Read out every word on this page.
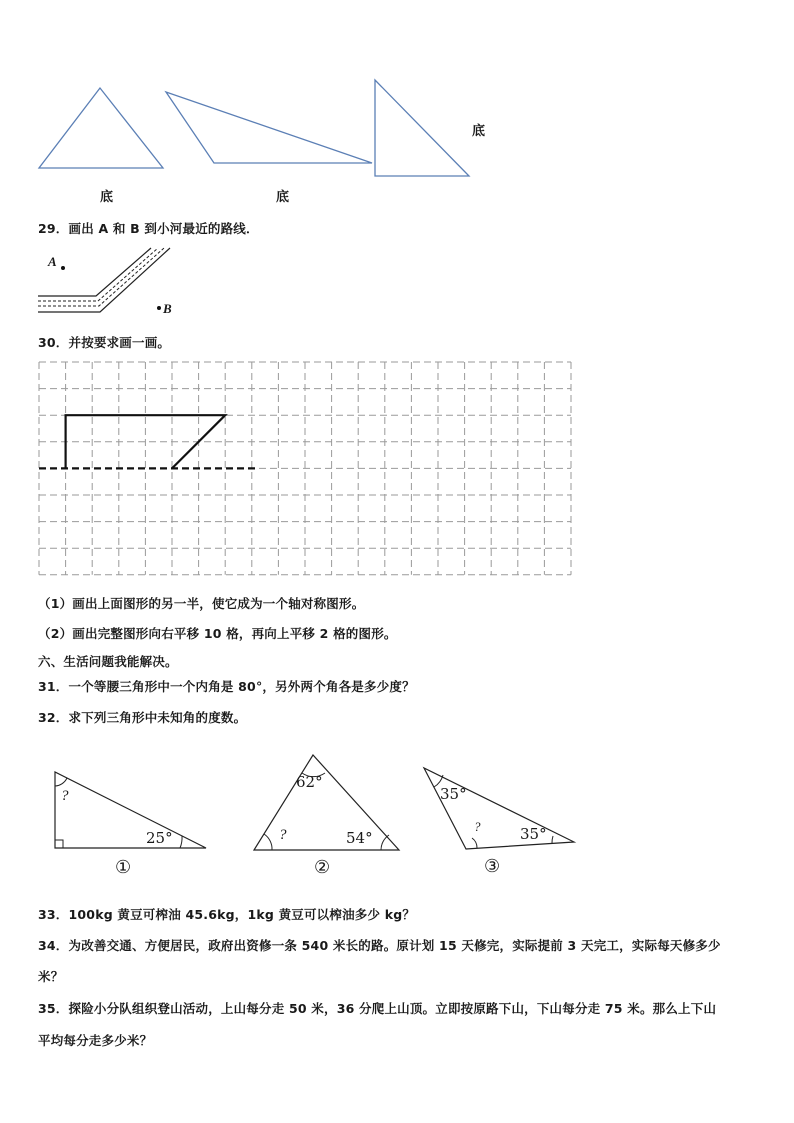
底	底
底
29．画出 A 和 B 到小河最近的路线．
A
B
30．并按要求画一画。
（1）画出上面图形的另一半，使它成为一个轴对称图形。
（2）画出完整图形向右平移 10 格，再向上平移 2 格的图形。
六、生活问题我能解决。
31．一个等腰三角形中一个内角是 80°，另外两个角各是多少度？
32．求下列三角形中未知角的度数。
?
25°
①
62°
?	54°
②
35°
?	35°
③
33．100kg 黄豆可榨油 45.6kg，1kg 黄豆可以榨油多少 kg？
34．为改善交通、方便居民，政府出资修一条 540 米长的路。原计划 15 天修完，实际提前 3 天完工，实际每天修多少
米？
35．探险小分队组织登山活动，上山每分走 50 米，36 分爬上山顶。立即按原路下山，下山每分走 75 米。那么上下山
平均每分走多少米？
